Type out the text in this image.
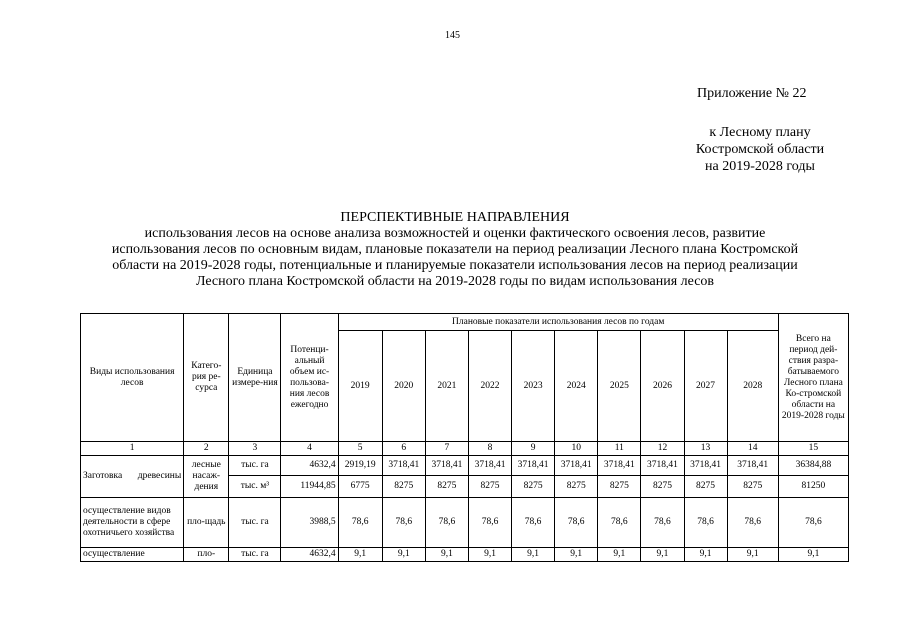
145
Приложение № 22
к Лесному плану
Костромской области
на 2019-2028 годы
ПЕРСПЕКТИВНЫЕ НАПРАВЛЕНИЯ
использования лесов на основе анализа возможностей и оценки фактического освоения лесов, развитие
использования лесов по основным видам, плановые показатели на период реализации Лесного плана Костромской
области на 2019-2028 годы, потенциальные и планируемые показатели использования лесов на период реализации
Лесного плана Костромской области на 2019-2028 годы по видам использования лесов
Виды использования лесов	Катего-рия ре-сурса	Единица измере-ния	Потенци-альный объем ис-пользова-ния лесов ежегодно	Плановые показатели использования лесов по годам										Всего на период дей-ствия разра-батываемого Лесного плана Ко-стромской области на 2019-2028 годы
				2019	2020	2021	2022	2023	2024	2025	2026	2027	2028	
1	2	3	4	5	6	7	8	9	10	11	12	13	14	15
Заготовка древесины	лесные насаж-дения	тыс. га	4632,4	2919,19	3718,41	3718,41	3718,41	3718,41	3718,41	3718,41	3718,41	3718,41	3718,41	36384,88
		тыс. м³	11944,85	6775	8275	8275	8275	8275	8275	8275	8275	8275	8275	81250
осуществление видов деятельности в сфере охотничьего хозяйства	пло-щадь	тыс. га	3988,5	78,6	78,6	78,6	78,6	78,6	78,6	78,6	78,6	78,6	78,6	78,6
осуществление	пло-	тыс. га	4632,4	9,1	9,1	9,1	9,1	9,1	9,1	9,1	9,1	9,1	9,1	9,1
